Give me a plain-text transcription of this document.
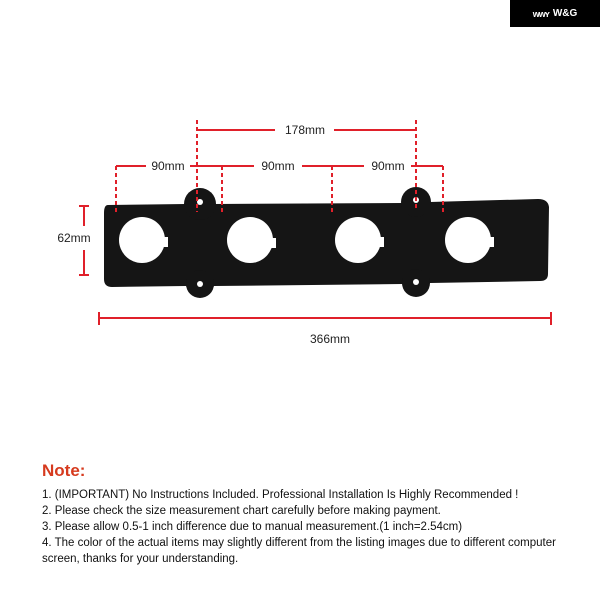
ᴡᴡʏ W&G
178mm
90mm	90mm	90mm
62mm
366mm
Note:
1. (IMPORTANT) No Instructions Included. Professional Installation Is Highly Recommended !
2. Please check the size measurement chart carefully before making payment.
3. Please allow 0.5-1 inch difference due to manual measurement.(1 inch=2.54cm)
4. The color of the actual items may slightly different from the listing images due to different computer screen, thanks for your understanding.
